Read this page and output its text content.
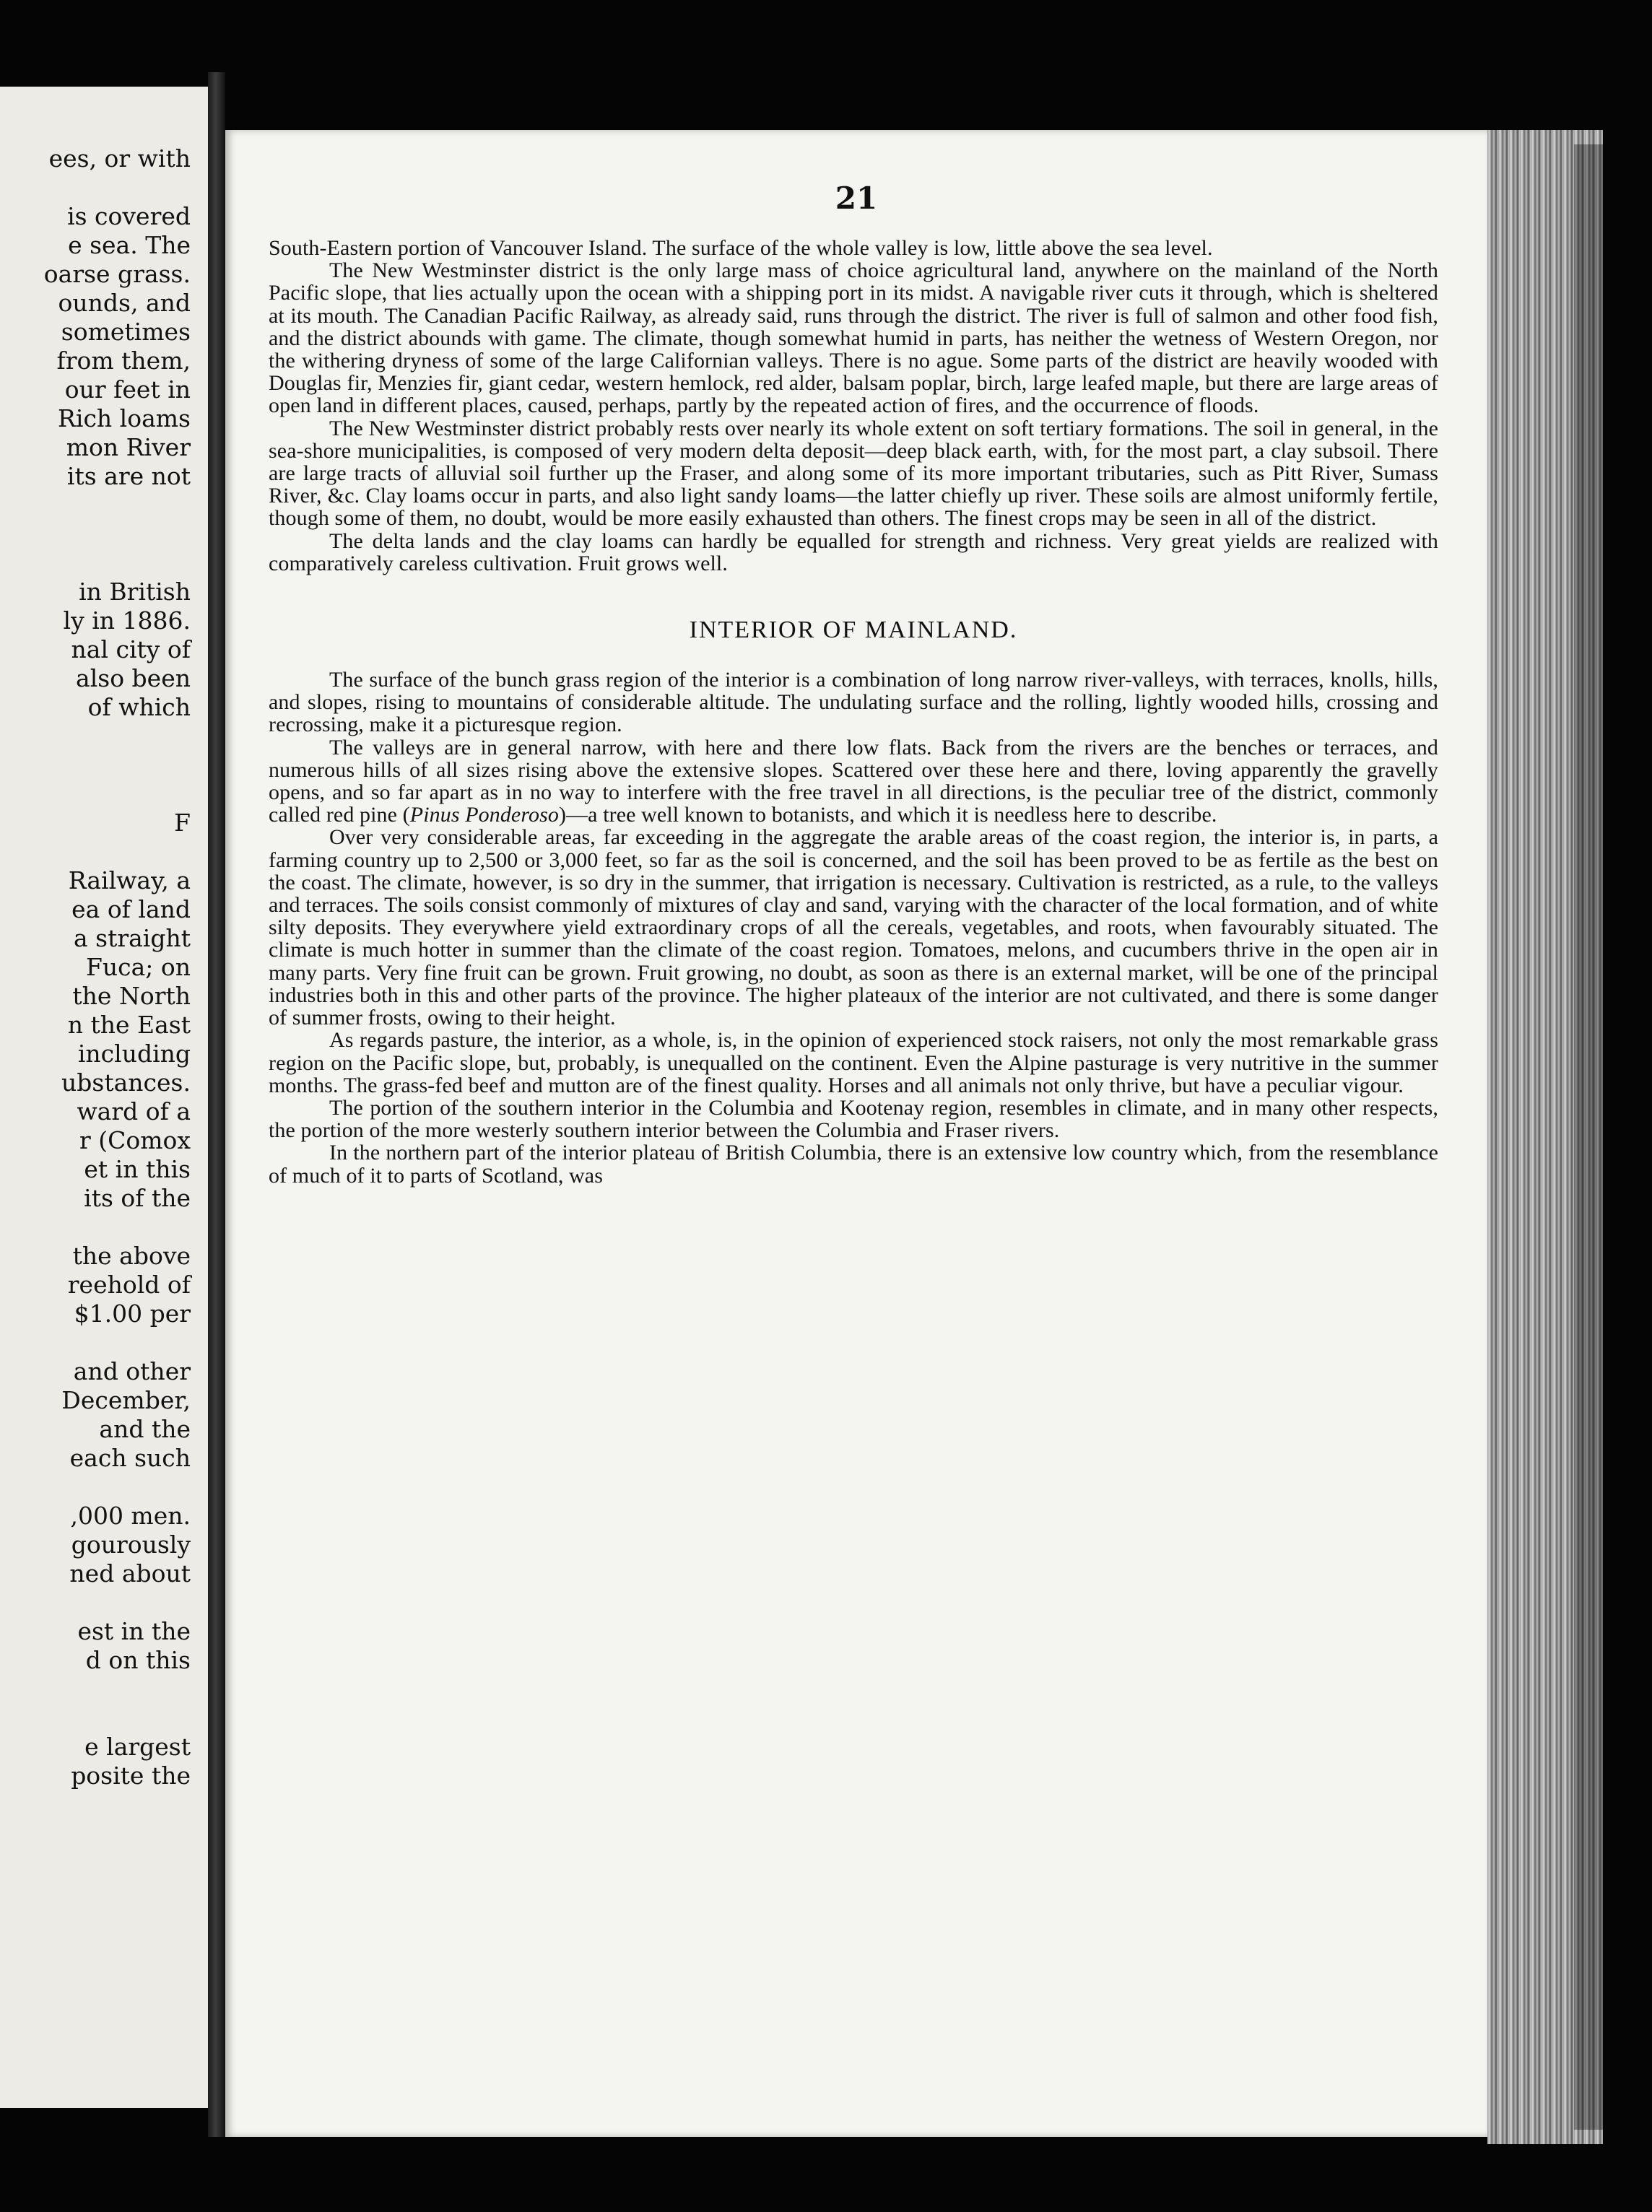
ees, or with
is covered
e sea. The
oarse grass.
ounds, and
sometimes
from them,
our feet in
Rich loams
mon River
its are not
in British
ly in 1886.
nal city of
also been
of which
F
Railway, a
ea of land
a straight
Fuca; on
the North
n the East
including
ubstances.
ward of a
r (Comox
et in this
its of the
the above
reehold of
$1.00 per
and other
December,
and the
each such
,000 men.
gourously
ned about
est in the
d on this
e largest
posite the
21

South-Eastern portion of Vancouver Island. The surface of the whole valley is low, little above the sea level.

The New Westminster district is the only large mass of choice agricultural land, anywhere on the mainland of the North Pacific slope, that lies actually upon the ocean with a shipping port in its midst. A navigable river cuts it through, which is sheltered at its mouth. The Canadian Pacific Railway, as already said, runs through the district. The river is full of salmon and other food fish, and the district abounds with game. The climate, though somewhat humid in parts, has neither the wetness of Western Oregon, nor the withering dryness of some of the large Californian valleys. There is no ague. Some parts of the district are heavily wooded with Douglas fir, Menzies fir, giant cedar, western hemlock, red alder, balsam poplar, birch, large leafed maple, but there are large areas of open land in different places, caused, perhaps, partly by the repeated action of fires, and the occurrence of floods.

The New Westminster district probably rests over nearly its whole extent on soft tertiary formations. The soil in general, in the sea-shore municipalities, is composed of very modern delta deposit—deep black earth, with, for the most part, a clay subsoil. There are large tracts of alluvial soil further up the Fraser, and along some of its more important tributaries, such as Pitt River, Sumass River, &c. Clay loams occur in parts, and also light sandy loams—the latter chiefly up river. These soils are almost uniformly fertile, though some of them, no doubt, would be more easily exhausted than others. The finest crops may be seen in all of the district.

The delta lands and the clay loams can hardly be equalled for strength and richness. Very great yields are realized with comparatively careless cultivation. Fruit grows well.

INTERIOR OF MAINLAND.

The surface of the bunch grass region of the interior is a combination of long narrow river-valleys, with terraces, knolls, hills, and slopes, rising to mountains of considerable altitude. The undulating surface and the rolling, lightly wooded hills, crossing and recrossing, make it a picturesque region.

The valleys are in general narrow, with here and there low flats. Back from the rivers are the benches or terraces, and numerous hills of all sizes rising above the extensive slopes. Scattered over these here and there, loving apparently the gravelly opens, and so far apart as in no way to interfere with the free travel in all directions, is the peculiar tree of the district, commonly called red pine (Pinus Ponderoso)—a tree well known to botanists, and which it is needless here to describe.

Over very considerable areas, far exceeding in the aggregate the arable areas of the coast region, the interior is, in parts, a farming country up to 2,500 or 3,000 feet, so far as the soil is concerned, and the soil has been proved to be as fertile as the best on the coast. The climate, however, is so dry in the summer, that irrigation is necessary. Cultivation is restricted, as a rule, to the valleys and terraces. The soils consist commonly of mixtures of clay and sand, varying with the character of the local formation, and of white silty deposits. They everywhere yield extraordinary crops of all the cereals, vegetables, and roots, when favourably situated. The climate is much hotter in summer than the climate of the coast region. Tomatoes, melons, and cucumbers thrive in the open air in many parts. Very fine fruit can be grown. Fruit growing, no doubt, as soon as there is an external market, will be one of the principal industries both in this and other parts of the province. The higher plateaux of the interior are not cultivated, and there is some danger of summer frosts, owing to their height.

As regards pasture, the interior, as a whole, is, in the opinion of experienced stock raisers, not only the most remarkable grass region on the Pacific slope, but, probably, is unequalled on the continent. Even the Alpine pasturage is very nutritive in the summer months. The grass-fed beef and mutton are of the finest quality. Horses and all animals not only thrive, but have a peculiar vigour.

The portion of the southern interior in the Columbia and Kootenay region, resembles in climate, and in many other respects, the portion of the more westerly southern interior between the Columbia and Fraser rivers.

In the northern part of the interior plateau of British Columbia, there is an extensive low country which, from the resemblance of much of it to parts of Scotland, was
